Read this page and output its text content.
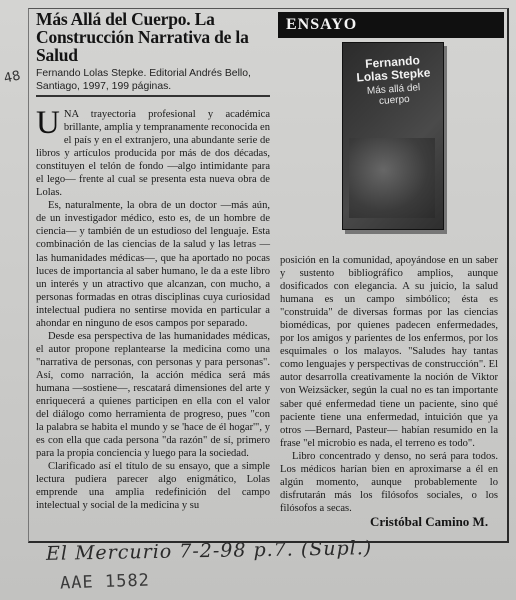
48
Más Allá del Cuerpo. La Construcción Narrativa de la Salud
Fernando Lolas Stepke. Editorial Andrés Bello, Santiago, 1997, 199 páginas.
ENSAYO
Fernando Lolas Stepke
Más allá del cuerpo

UNA trayectoria profesional y académica brillante, amplia y tempranamente reconocida en el país y en el extranjero, una abundante serie de libros y artículos producida por más de dos décadas, constituyen el telón de fondo —algo intimidante para el lego— frente al cual se presenta esta nueva obra de Lolas.

Es, naturalmente, la obra de un doctor —más aún, de un investigador médico, esto es, de un hombre de ciencia— y también de un estudioso del lenguaje. Esta combinación de las ciencias de la salud y las letras —las humanidades médicas—, que ha aportado no pocas luces de importancia al saber humano, le da a este libro un interés y un atractivo que alcanzan, con mucho, a personas formadas en otras disciplinas cuya curiosidad intelectual pudiera no sentirse movida en particular a ahondar en ninguno de esos campos por separado.

Desde esa perspectiva de las humanidades médicas, el autor propone replantearse la medicina como una "narrativa de personas, con personas y para personas". Así, como narración, la acción médica será más humana —sostiene—, rescatará dimensiones del arte y enriquecerá a quienes participen en ella con el valor del diálogo como herramienta de progreso, pues "con la palabra se habita el mundo y se 'hace de él hogar'", y es con ella que cada persona "da razón" de sí, primero para la propia conciencia y luego para la sociedad.

Clarificado así el título de su ensayo, que a simple lectura pudiera parecer algo enigmático, Lolas emprende una amplia redefinición del campo intelectual y social de la medicina y su

posición en la comunidad, apoyándose en un saber y sustento bibliográfico amplios, aunque dosificados con elegancia. A su juicio, la salud humana es un campo simbólico; ésta es "construida" de diversas formas por las ciencias biomédicas, por quienes padecen enfermedades, por los amigos y parientes de los enfermos, por los esquimales o los malayos. "Saludes hay tantas como lenguajes y perspectivas de construcción". El autor desarrolla creativamente la noción de Viktor von Weizsäcker, según la cual no es tan importante saber qué enfermedad tiene un paciente, sino qué paciente tiene una enfermedad, intuición que ya otros —Bernard, Pasteur— habían resumido en la frase "el microbio es nada, el terreno es todo".

Libro concentrado y denso, no será para todos. Los médicos harían bien en aproximarse a él en algún momento, aunque probablemente lo disfrutarán más los filósofos sociales, o los filósofos a secas.

Cristóbal Camino M.
El Mercurio 7-2-98 p.7. (Supl.)
AAE 1582
